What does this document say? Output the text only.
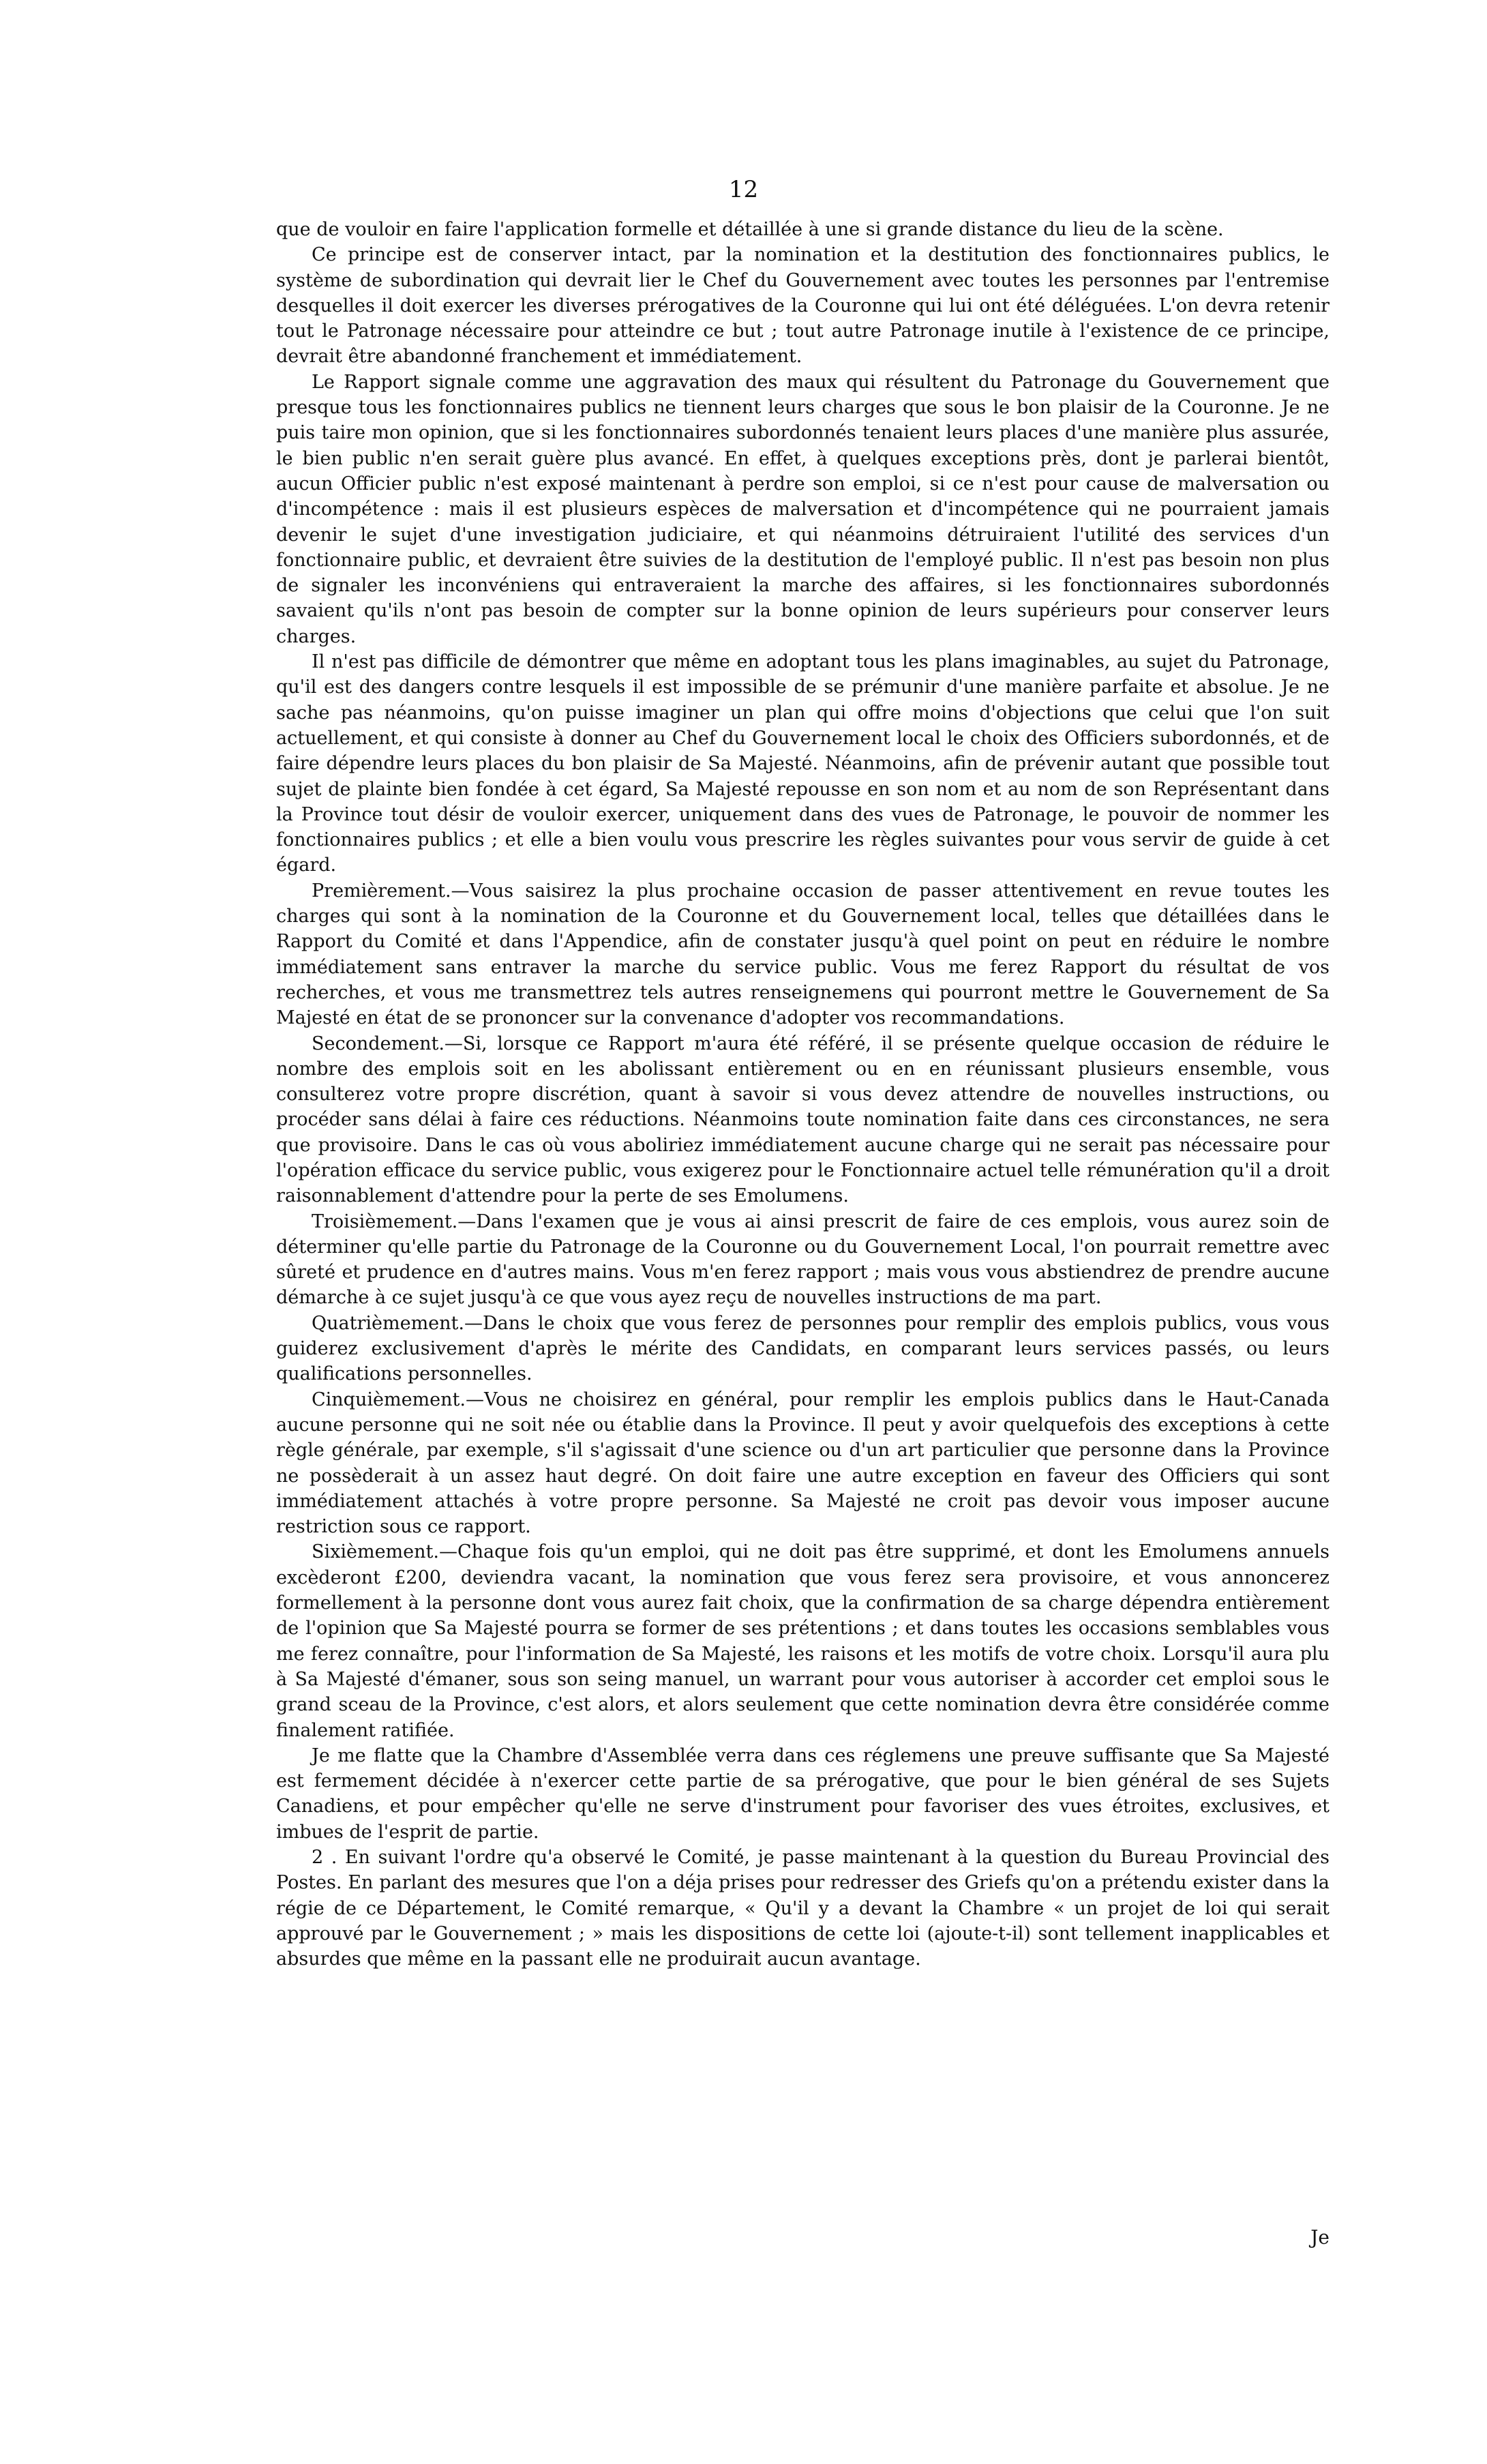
12

que de vouloir en faire l'application formelle et détaillée à une si grande distance du lieu de la scène.

Ce principe est de conserver intact, par la nomination et la destitution des fonctionnaires publics, le système de subordination qui devrait lier le Chef du Gouvernement avec toutes les personnes par l'entremise desquelles il doit exercer les diverses prérogatives de la Couronne qui lui ont été déléguées. L'on devra retenir tout le Patronage nécessaire pour atteindre ce but ; tout autre Patronage inutile à l'existence de ce principe, devrait être abandonné franchement et immédiatement.

Le Rapport signale comme une aggravation des maux qui résultent du Patronage du Gouvernement que presque tous les fonctionnaires publics ne tiennent leurs charges que sous le bon plaisir de la Couronne. Je ne puis taire mon opinion, que si les fonctionnaires subordonnés tenaient leurs places d'une manière plus assurée, le bien public n'en serait guère plus avancé. En effet, à quelques exceptions près, dont je parlerai bientôt, aucun Officier public n'est exposé maintenant à perdre son emploi, si ce n'est pour cause de malversation ou d'incompétence : mais il est plusieurs espèces de malversation et d'incompétence qui ne pourraient jamais devenir le sujet d'une investigation judiciaire, et qui néanmoins détruiraient l'utilité des services d'un fonctionnaire public, et devraient être suivies de la destitution de l'employé public. Il n'est pas besoin non plus de signaler les inconvéniens qui entraveraient la marche des affaires, si les fonctionnaires subordonnés savaient qu'ils n'ont pas besoin de compter sur la bonne opinion de leurs supérieurs pour conserver leurs charges.

Il n'est pas difficile de démontrer que même en adoptant tous les plans imaginables, au sujet du Patronage, qu'il est des dangers contre lesquels il est impossible de se prémunir d'une manière parfaite et absolue. Je ne sache pas néanmoins, qu'on puisse imaginer un plan qui offre moins d'objections que celui que l'on suit actuellement, et qui consiste à donner au Chef du Gouvernement local le choix des Officiers subordonnés, et de faire dépendre leurs places du bon plaisir de Sa Majesté. Néanmoins, afin de prévenir autant que possible tout sujet de plainte bien fondée à cet égard, Sa Majesté repousse en son nom et au nom de son Représentant dans la Province tout désir de vouloir exercer, uniquement dans des vues de Patronage, le pouvoir de nommer les fonctionnaires publics ; et elle a bien voulu vous prescrire les règles suivantes pour vous servir de guide à cet égard.

Premièrement.—Vous saisirez la plus prochaine occasion de passer attentivement en revue toutes les charges qui sont à la nomination de la Couronne et du Gouvernement local, telles que détaillées dans le Rapport du Comité et dans l'Appendice, afin de constater jusqu'à quel point on peut en réduire le nombre immédiatement sans entraver la marche du service public. Vous me ferez Rapport du résultat de vos recherches, et vous me transmettrez tels autres renseignemens qui pourront mettre le Gouvernement de Sa Majesté en état de se prononcer sur la convenance d'adopter vos recommandations.

Secondement.—Si, lorsque ce Rapport m'aura été référé, il se présente quelque occasion de réduire le nombre des emplois soit en les abolissant entièrement ou en en réunissant plusieurs ensemble, vous consulterez votre propre discrétion, quant à savoir si vous devez attendre de nouvelles instructions, ou procéder sans délai à faire ces réductions. Néanmoins toute nomination faite dans ces circonstances, ne sera que provisoire. Dans le cas où vous aboliriez immédiatement aucune charge qui ne serait pas nécessaire pour l'opération efficace du service public, vous exigerez pour le Fonctionnaire actuel telle rémunération qu'il a droit raisonnablement d'attendre pour la perte de ses Emolumens.

Troisièmement.—Dans l'examen que je vous ai ainsi prescrit de faire de ces emplois, vous aurez soin de déterminer qu'elle partie du Patronage de la Couronne ou du Gouvernement Local, l'on pourrait remettre avec sûreté et prudence en d'autres mains. Vous m'en ferez rapport ; mais vous vous abstiendrez de prendre aucune démarche à ce sujet jusqu'à ce que vous ayez reçu de nouvelles instructions de ma part.

Quatrièmement.—Dans le choix que vous ferez de personnes pour remplir des emplois publics, vous vous guiderez exclusivement d'après le mérite des Candidats, en comparant leurs services passés, ou leurs qualifications personnelles.

Cinquièmement.—Vous ne choisirez en général, pour remplir les emplois publics dans le Haut-Canada aucune personne qui ne soit née ou établie dans la Province. Il peut y avoir quelquefois des exceptions à cette règle générale, par exemple, s'il s'agissait d'une science ou d'un art particulier que personne dans la Province ne possèderait à un assez haut degré. On doit faire une autre exception en faveur des Officiers qui sont immédiatement attachés à votre propre personne. Sa Majesté ne croit pas devoir vous imposer aucune restriction sous ce rapport.

Sixièmement.—Chaque fois qu'un emploi, qui ne doit pas être supprimé, et dont les Emolumens annuels excèderont £200, deviendra vacant, la nomination que vous ferez sera provisoire, et vous annoncerez formellement à la personne dont vous aurez fait choix, que la confirmation de sa charge dépendra entièrement de l'opinion que Sa Majesté pourra se former de ses prétentions ; et dans toutes les occasions semblables vous me ferez connaître, pour l'information de Sa Majesté, les raisons et les motifs de votre choix. Lorsqu'il aura plu à Sa Majesté d'émaner, sous son seing manuel, un warrant pour vous autoriser à accorder cet emploi sous le grand sceau de la Province, c'est alors, et alors seulement que cette nomination devra être considérée comme finalement ratifiée.

Je me flatte que la Chambre d'Assemblée verra dans ces réglemens une preuve suffisante que Sa Majesté est fermement décidée à n'exercer cette partie de sa prérogative, que pour le bien général de ses Sujets Canadiens, et pour empêcher qu'elle ne serve d'instrument pour favoriser des vues étroites, exclusives, et imbues de l'esprit de partie.

2 . En suivant l'ordre qu'a observé le Comité, je passe maintenant à la question du Bureau Provincial des Postes. En parlant des mesures que l'on a déja prises pour redresser des Griefs qu'on a prétendu exister dans la régie de ce Département, le Comité remarque, « Qu'il y a devant la Chambre « un projet de loi qui serait approuvé par le Gouvernement ; » mais les dispositions de cette loi (ajoute-t-il) sont tellement inapplicables et absurdes que même en la passant elle ne produirait aucun avantage.

Je
